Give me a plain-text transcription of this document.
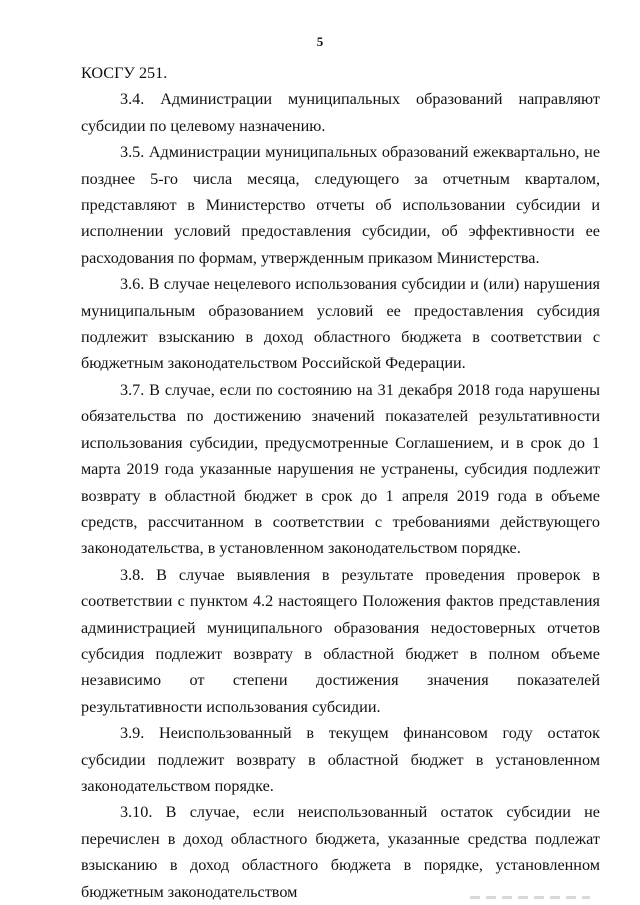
5

КОСГУ 251.

3.4. Администрации муниципальных образований направляют субсидии по целевому назначению.

3.5. Администрации муниципальных образований ежеквартально, не позднее 5-го числа месяца, следующего за отчетным кварталом, представляют в Министерство отчеты об использовании субсидии и исполнении условий предоставления субсидии, об эффективности ее расходования по формам, утвержденным приказом Министерства.

3.6. В случае нецелевого использования субсидии и (или) нарушения муниципальным образованием условий ее предоставления субсидия подлежит взысканию в доход областного бюджета в соответствии с бюджетным законодательством Российской Федерации.

3.7. В случае, если по состоянию на 31 декабря 2018 года нарушены обязательства по достижению значений показателей результативности использования субсидии, предусмотренные Соглашением, и в срок до 1 марта 2019 года указанные нарушения не устранены, субсидия подлежит возврату в областной бюджет в срок до 1 апреля 2019 года в объеме средств, рассчитанном в соответствии с требованиями действующего законодательства, в установленном законодательством порядке.

3.8. В случае выявления в результате проведения проверок в соответствии с пунктом 4.2 настоящего Положения фактов представления администрацией муниципального образования недостоверных отчетов субсидия подлежит возврату в областной бюджет в полном объеме независимо от степени достижения значения показателей результативности использования субсидии.

3.9. Неиспользованный в текущем финансовом году остаток субсидии подлежит возврату в областной бюджет в установленном законодательством порядке.

3.10. В случае, если неиспользованный остаток субсидии не перечислен в доход областного бюджета, указанные средства подлежат взысканию в доход областного бюджета в порядке, установленном бюджетным законодательством
